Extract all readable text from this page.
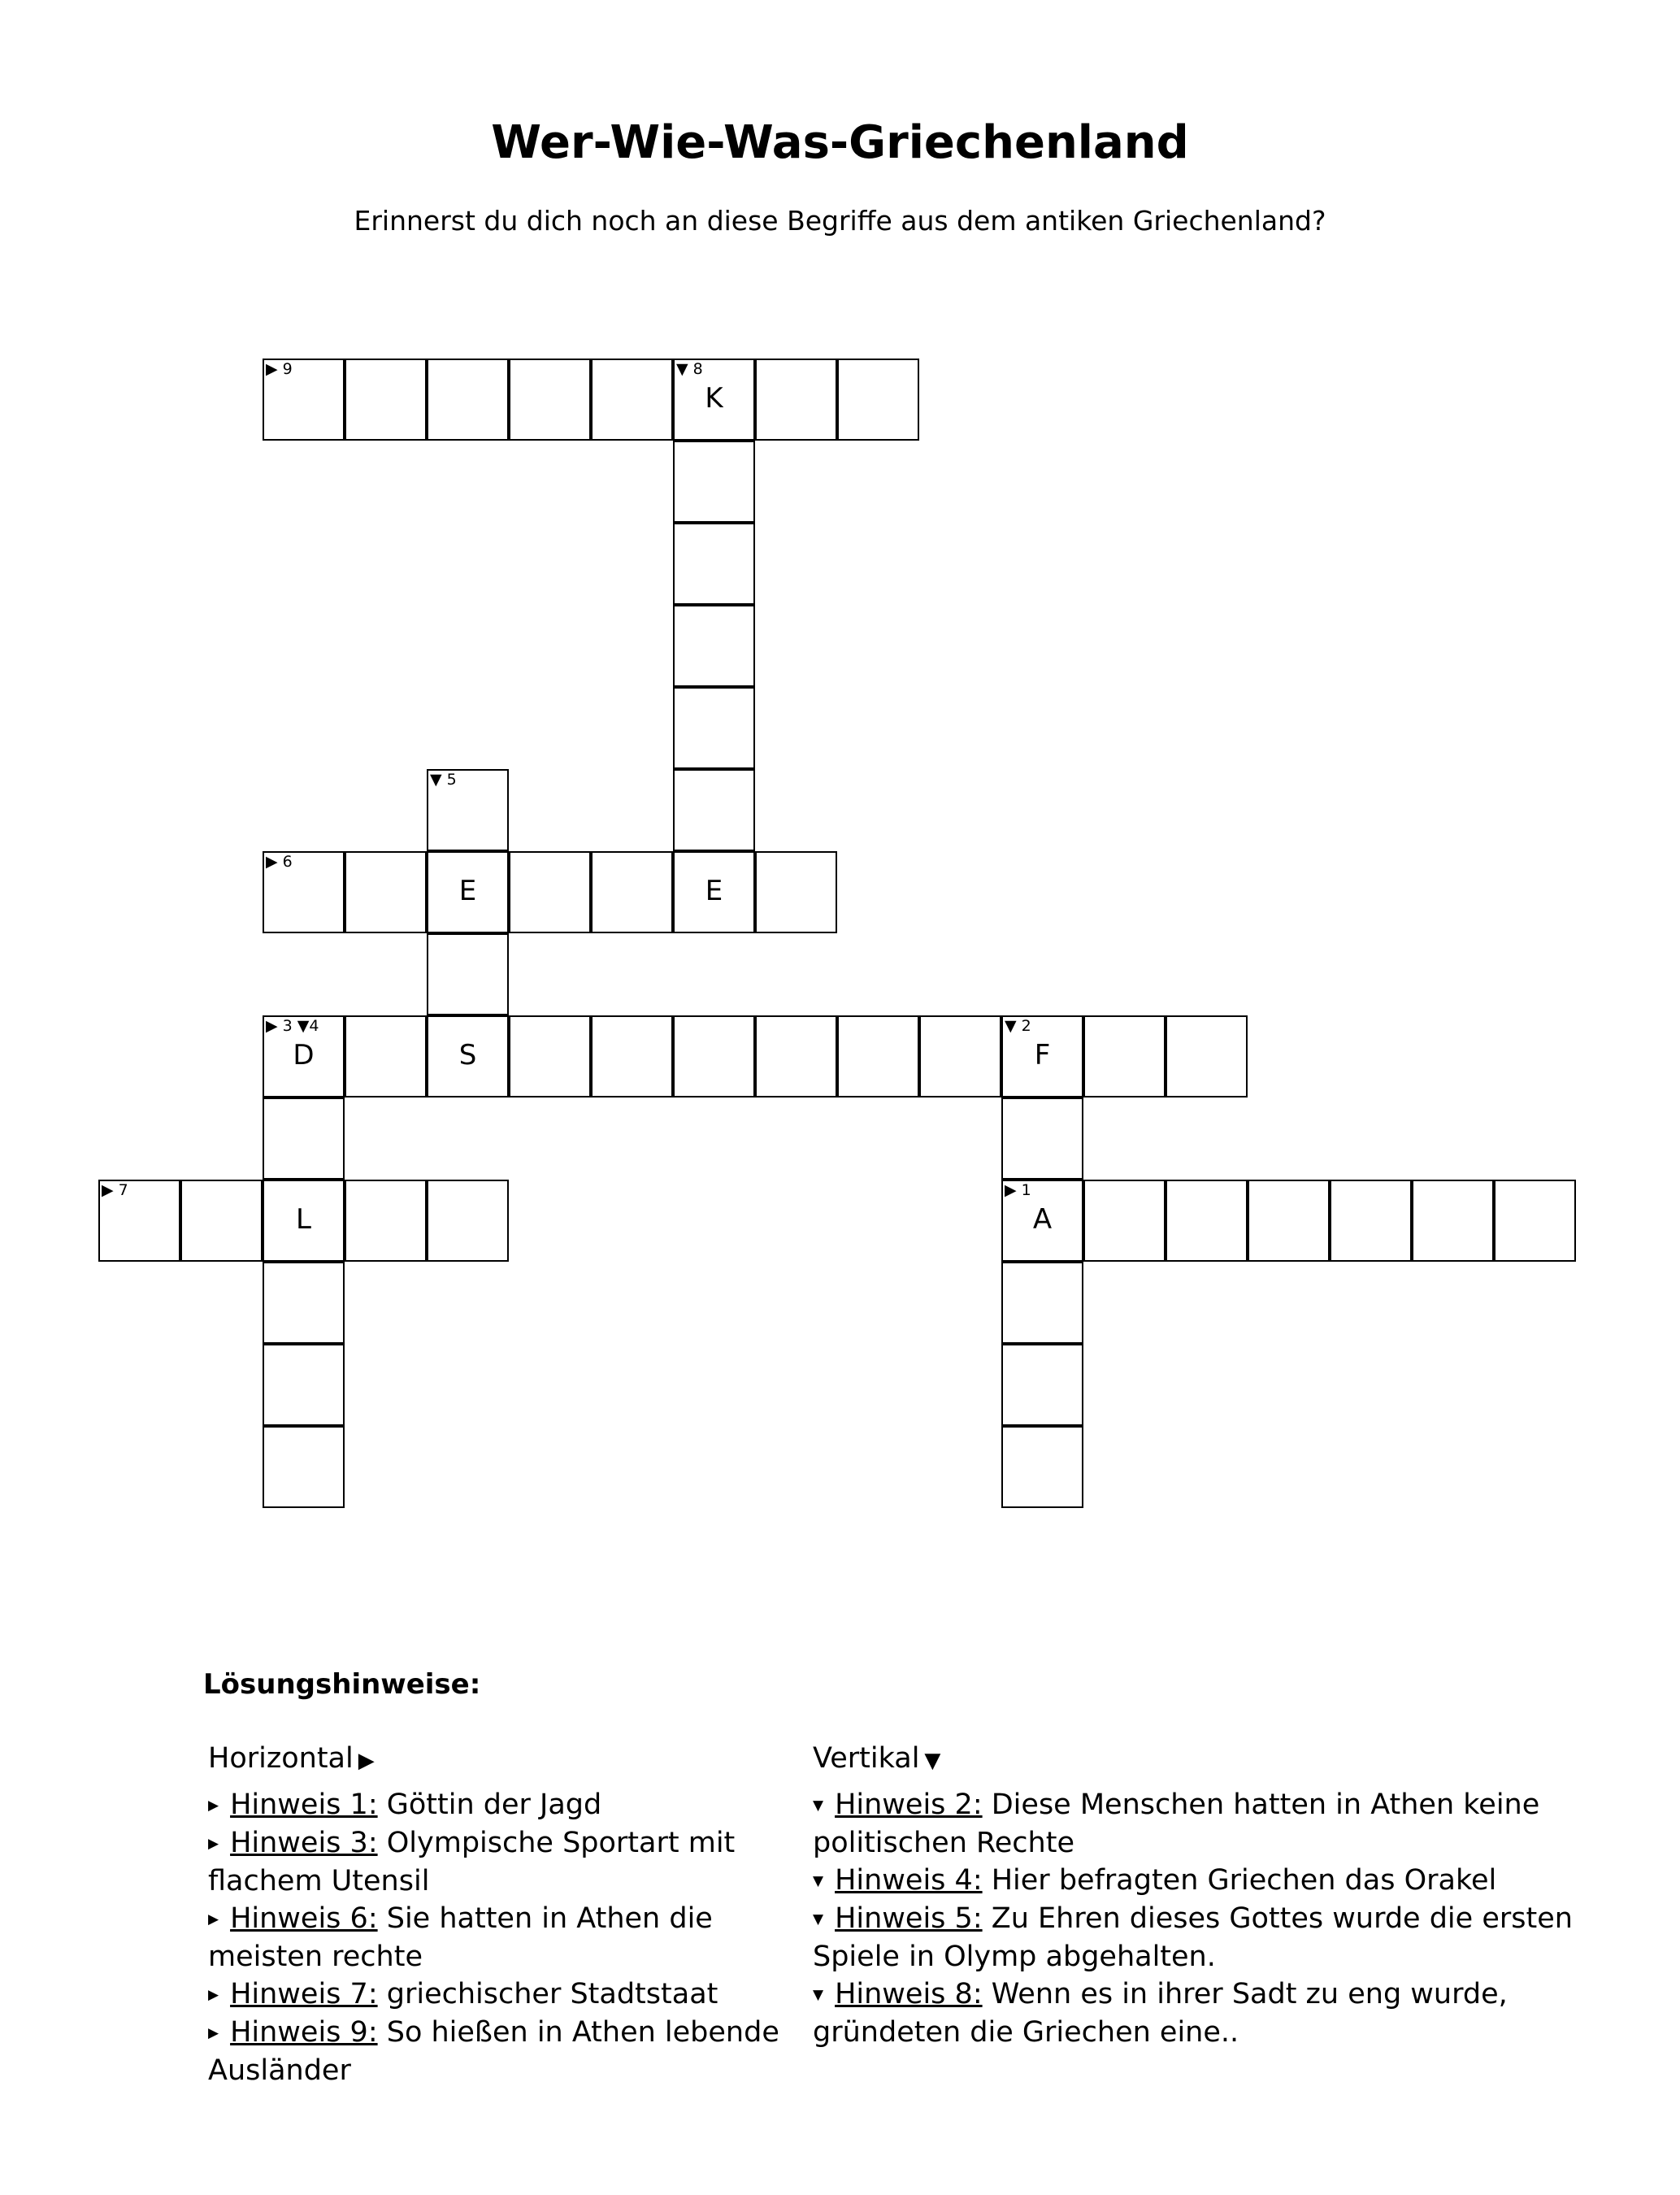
Wer-Wie-Was-Griechenland
Erinnerst du dich noch an diese Begriffe aus dem antiken Griechenland?
▶ 9	▼ 8
K
▼ 5
▶ 6
E	E
▶ 3 ▼4
D	S
▼ 2
F
▶ 7
L
▶ 1
A
Lösungshinweise:
Horizontal ▶

▶ Hinweis 1: Göttin der Jagd

▶ Hinweis 3: Olympische Sportart mit flachem Utensil

▶ Hinweis 6: Sie hatten in Athen die meisten rechte

▶ Hinweis 7: griechischer Stadtstaat

▶ Hinweis 9: So hießen in Athen lebende Ausländer

Vertikal ▼

▼ Hinweis 2: Diese Menschen hatten in Athen keine politischen Rechte

▼ Hinweis 4: Hier befragten Griechen das Orakel

▼ Hinweis 5: Zu Ehren dieses Gottes wurde die ersten Spiele in Olymp abgehalten.

▼ Hinweis 8: Wenn es in ihrer Sadt zu eng wurde, gründeten die Griechen eine..
